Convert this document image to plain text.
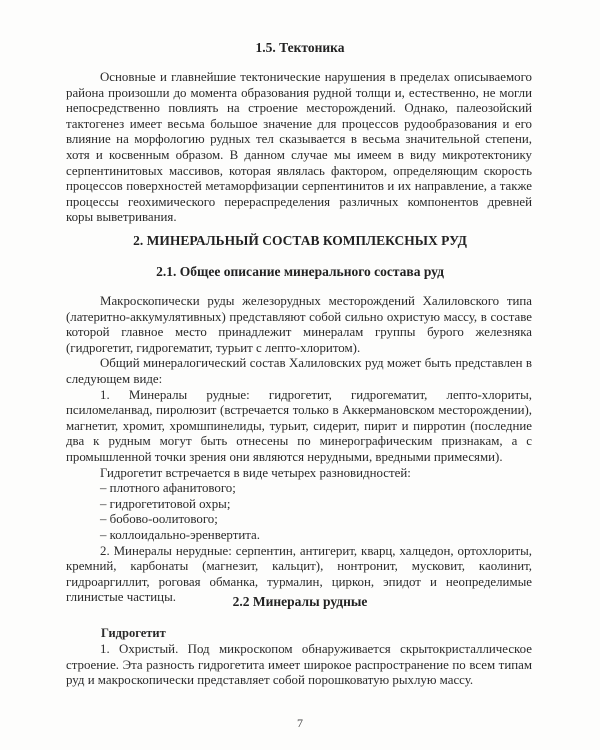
1.5. Тектоника

Основные и главнейшие тектонические нарушения в пределах описываемого района произошли до момента образования рудной толщи и, естественно, не могли непосредственно повлиять на строение месторождений. Однако, палеозойский тактогенез имеет весьма большое значение для процессов рудообразования и его влияние на морфологию рудных тел сказывается в весьма значительной степени, хотя и косвенным образом. В данном случае мы имеем в виду микротектонику серпентинитовых массивов, которая являлась фактором, определяющим скорость процессов поверхностей метаморфизации серпентинитов и их направление, а также процессы геохимического перераспределения различных компонентов древней коры выветривания.

2. МИНЕРАЛЬНЫЙ СОСТАВ КОМПЛЕКСНЫХ РУД
2.1. Общее описание минерального состава руд

Макроскопически руды железорудных месторождений Халиловского типа (латеритно-аккумулятивных) представляют собой сильно охристую массу, в составе которой главное место принадлежит минералам группы бурого железняка (гидрогетит, гидрогематит, турьит с лепто-хлоритом).

Общий минералогический состав Халиловских руд может быть представлен в следующем виде:

1. Минералы рудные: гидрогетит, гидрогематит, лепто-хлориты, псиломеланвад, пиролюзит (встречается только в Аккермановском месторождении), магнетит, хромит, хромшпинелиды, турьит, сидерит, пирит и пирротин (последние два к рудным могут быть отнесены по минерографическим признакам, а с промышленной точки зрения они являются нерудными, вредными примесями).

Гидрогетит встречается в виде четырех разновидностей:

– плотного афанитового;

– гидрогетитовой охры;

– бобово-оолитового;

– коллоидально-эренвертита.

2. Минералы нерудные: серпентин, антигерит, кварц, халцедон, ортохлориты, кремний, карбонаты (магнезит, кальцит), нонтронит, мусковит, каолинит, гидроаргиллит, роговая обманка, турмалин, циркон, эпидот и неопределимые глинистые частицы.	2.2 Минералы рудные
Гидрогетит

1. Охристый. Под микроскопом обнаруживается скрытокристаллическое строение. Эта разность гидрогетита имеет широкое распространение по всем типам руд и макроскопически представляет собой порошковатую рыхлую массу.

7
